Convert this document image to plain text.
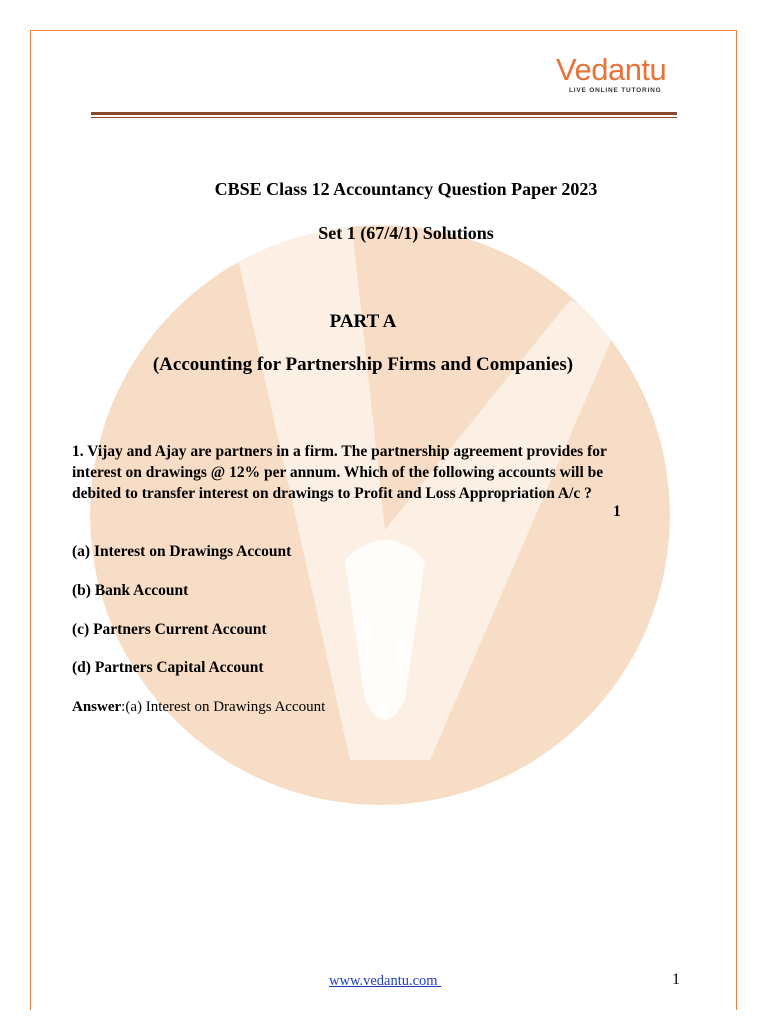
Vedantu
LIVE ONLINE TUTORING
CBSE Class 12 Accountancy Question Paper 2023
Set 1 (67/4/1) Solutions
PART A
(Accounting for Partnership Firms and Companies)

1. Vijay and Ajay are partners in a firm. The partnership agreement provides for

interest on drawings @ 12% per annum. Which of the following accounts will be

debited to transfer interest on drawings to Profit and Loss Appropriation A/c ?

1
(a) Interest on Drawings Account
(b) Bank Account
(c) Partners Current Account
(d) Partners Capital Account
Answer:(a) Interest on Drawings Account
www.vedantu.com	1
